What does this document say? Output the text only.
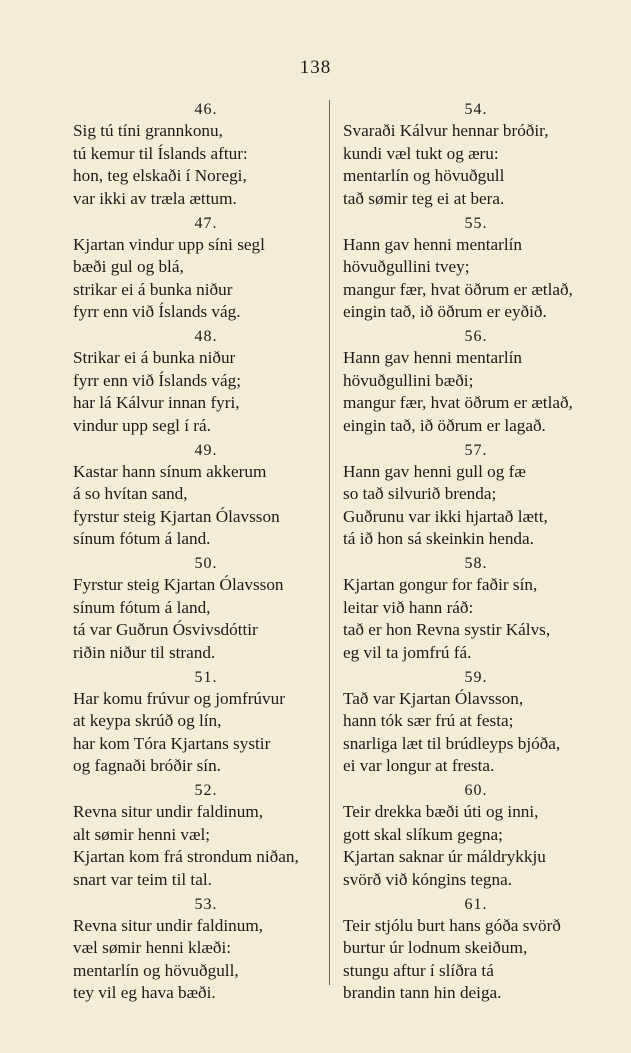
138
46.
Sig tú tíni grannkonu,
tú kemur til Íslands aftur:
hon, teg elskaði í Noregi,
var ikki av træla ættum.
47.
Kjartan vindur upp síni segl
bæði gul og blá,
strikar ei á bunka niður
fyrr enn við Íslands vág.
48.
Strikar ei á bunka niður
fyrr enn við Íslands vág;
har lá Kálvur innan fyri,
vindur upp segl í rá.
49.
Kastar hann sínum akkerum
á so hvítan sand,
fyrstur steig Kjartan Ólavsson
sínum fótum á land.
50.
Fyrstur steig Kjartan Ólavsson
sínum fótum á land,
tá var Guðrun Ósvivsdóttir
riðin niður til strand.
51.
Har komu frúvur og jomfrúvur
at keypa skrúð og lín,
har kom Tóra Kjartans systir
og fagnaði bróðir sín.
52.
Revna situr undir faldinum,
alt sømir henni væl;
Kjartan kom frá strondum niðan,
snart var teim til tal.
53.
Revna situr undir faldinum,
væl sømir henni klæði:
mentarlín og hövuðgull,
tey vil eg hava bæði.
54.
Svaraði Kálvur hennar bróðir,
kundi væl tukt og æru:
mentarlín og hövuðgull
tað sømir teg ei at bera.
55.
Hann gav henni mentarlín
hövuðgullini tvey;
mangur fær, hvat öðrum er ætlað,
eingin tað, ið öðrum er eyðið.
56.
Hann gav henni mentarlín
hövuðgullini bæði;
mangur fær, hvat öðrum er ætlað,
eingin tað, ið öðrum er lagað.
57.
Hann gav henni gull og fæ
so tað silvurið brenda;
Guðrunu var ikki hjartað lætt,
tá ið hon sá skeinkin henda.
58.
Kjartan gongur for faðir sín,
leitar við hann ráð:
tað er hon Revna systir Kálvs,
eg vil ta jomfrú fá.
59.
Tað var Kjartan Ólavsson,
hann tók sær frú at festa;
snarliga læt til brúdleyps bjóða,
ei var longur at fresta.
60.
Teir drekka bæði úti og inni,
gott skal slíkum gegna;
Kjartan saknar úr máldrykkju
svörð við kóngins tegna.
61.
Teir stjólu burt hans góða svörð
burtur úr lodnum skeiðum,
stungu aftur í slíðra tá
brandin tann hin deiga.
